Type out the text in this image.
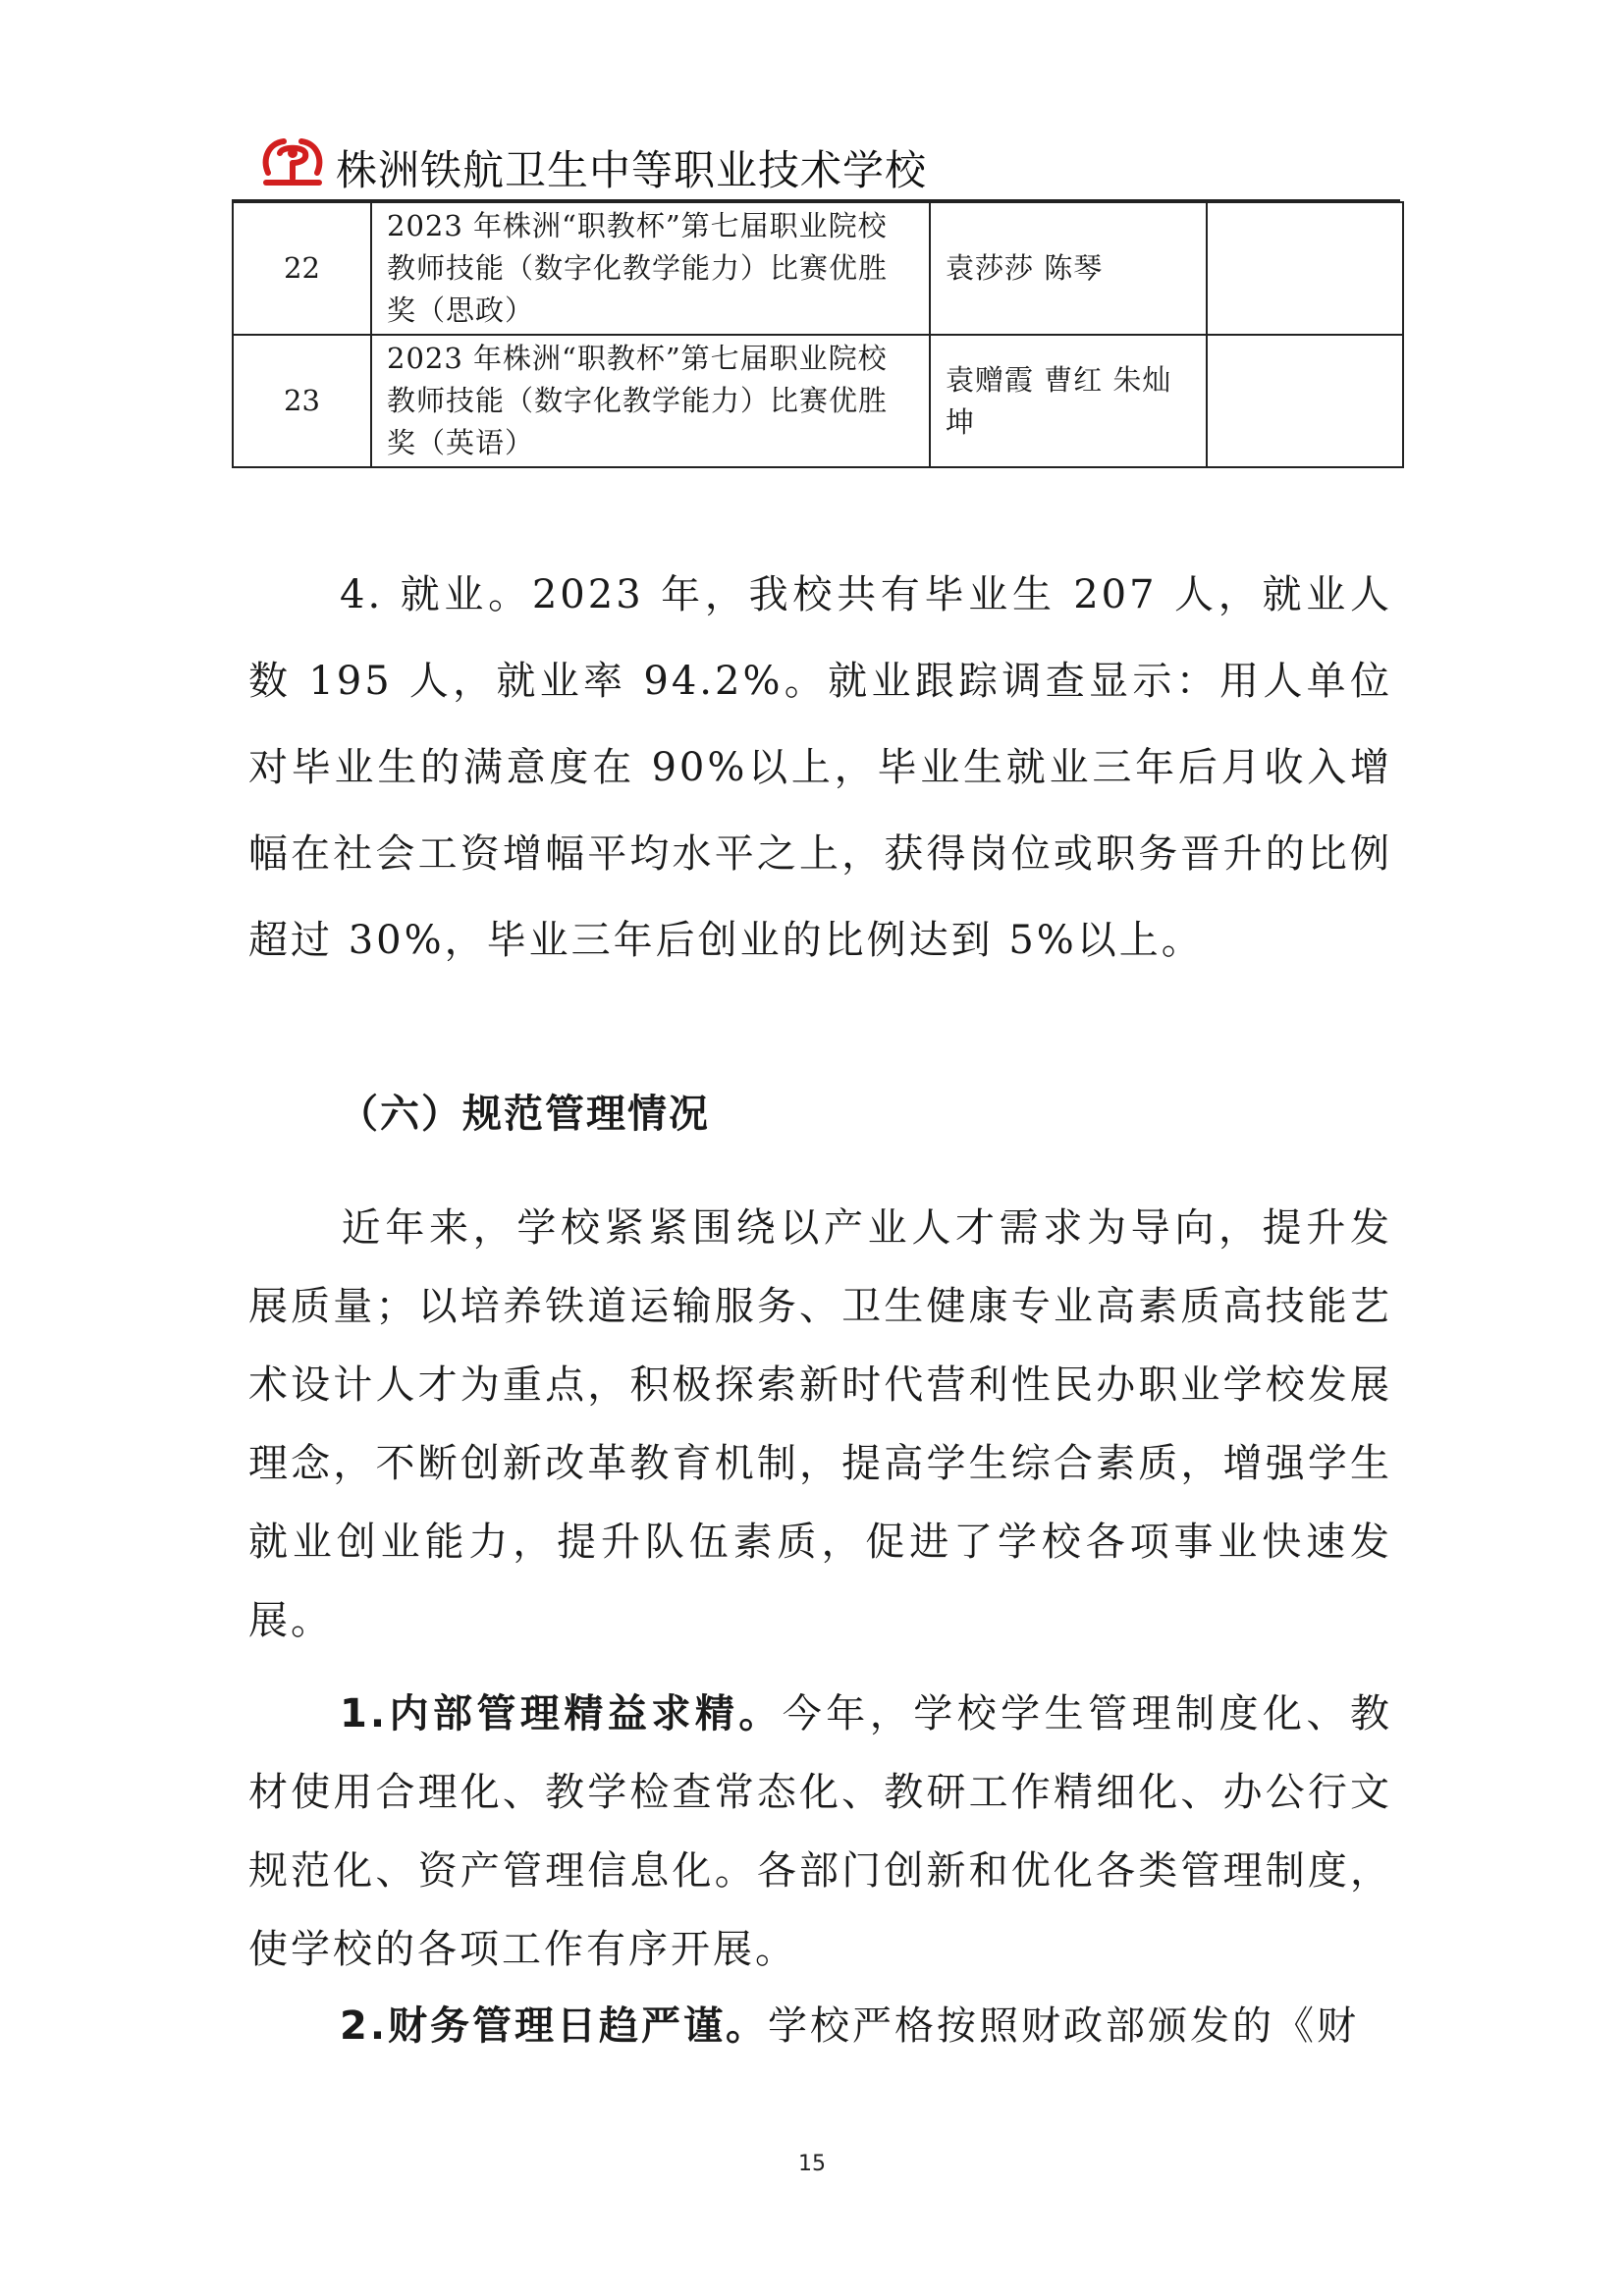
株洲铁航卫生中等职业技术学校
22	2023 年株洲“职教杯”第七届职业院校教师技能（数字化教学能力）比赛优胜奖（思政）	袁莎莎 陈琴	
23	2023 年株洲“职教杯”第七届职业院校教师技能（数字化教学能力）比赛优胜奖（英语）	袁赠霞 曹红 朱灿坤	

4. 就业。2023 年，我校共有毕业生 207 人，就业人数 195 人，就业率 94.2%。就业跟踪调查显示：用人单位对毕业生的满意度在 90%以上，毕业生就业三年后月收入增幅在社会工资增幅平均水平之上，获得岗位或职务晋升的比例超过 30%，毕业三年后创业的比例达到 5%以上。

（六）规范管理情况

近年来，学校紧紧围绕以产业人才需求为导向，提升发展质量；以培养铁道运输服务、卫生健康专业高素质高技能艺术设计人才为重点，积极探索新时代营利性民办职业学校发展理念，不断创新改革教育机制，提高学生综合素质，增强学生就业创业能力，提升队伍素质，促进了学校各项事业快速发展。

1.内部管理精益求精。今年，学校学生管理制度化、教材使用合理化、教学检查常态化、教研工作精细化、办公行文规范化、资产管理信息化。各部门创新和优化各类管理制度，使学校的各项工作有序开展。

2.财务管理日趋严谨。学校严格按照财政部颁发的《财

15
